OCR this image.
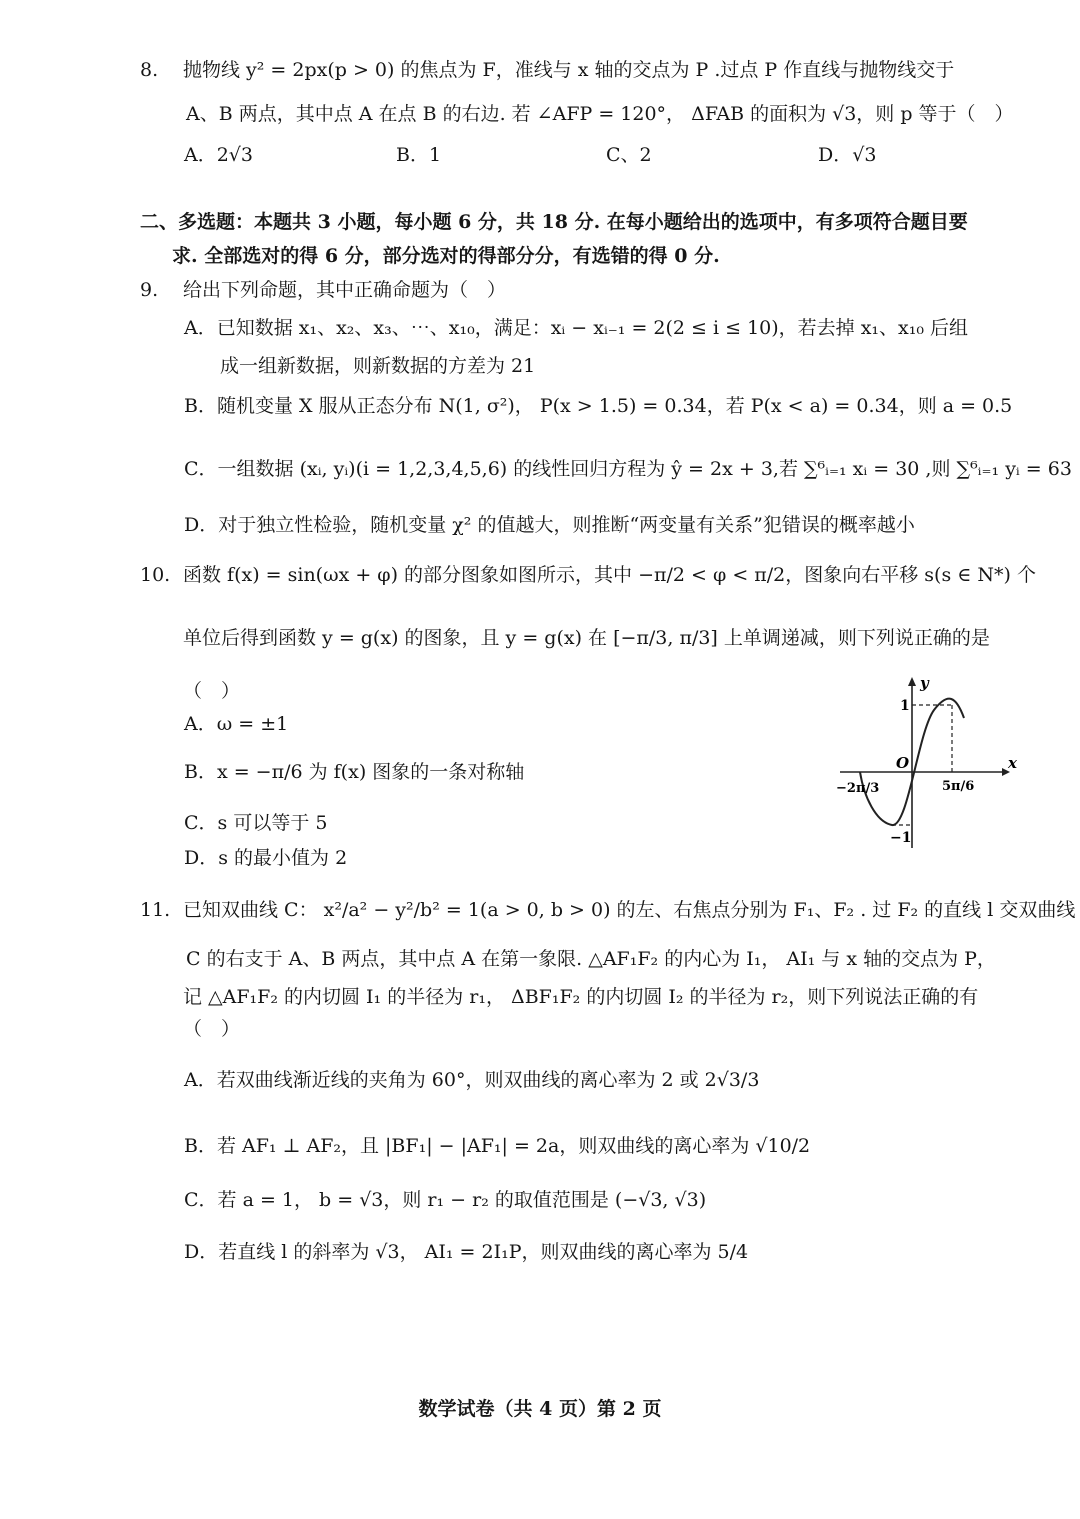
8. 抛物线 y² = 2px(p > 0) 的焦点为 F，准线与 x 轴的交点为 P .过点 P 作直线与抛物线交于
A、B 两点，其中点 A 在点 B 的右边. 若 ∠AFP = 120°， ΔFAB 的面积为 √3，则 p 等于（　）
A．2√3	B．1	C、2	D．√3
二、多选题：本题共 3 小题，每小题 6 分，共 18 分. 在每小题给出的选项中，有多项符合题目要
求. 全部选对的得 6 分，部分选对的得部分分，有选错的得 0 分.
9. 给出下列命题，其中正确命题为（　）
A．已知数据 x₁、x₂、x₃、⋯、x₁₀，满足：xᵢ − xᵢ₋₁ = 2(2 ≤ i ≤ 10)，若去掉 x₁、x₁₀ 后组
成一组新数据，则新数据的方差为 21
B．随机变量 X 服从正态分布 N(1, σ²)， P(x > 1.5) = 0.34，若 P(x < a) = 0.34，则 a = 0.5
C．一组数据 (xᵢ, yᵢ)(i = 1,2,3,4,5,6) 的线性回归方程为 ŷ = 2x + 3,若 ∑⁶ᵢ₌₁ xᵢ = 30 ,则 ∑⁶ᵢ₌₁ yᵢ = 63
D．对于独立性检验，随机变量 χ² 的值越大，则推断“两变量有关系”犯错误的概率越小
10. 函数 f(x) = sin(ωx + φ) 的部分图象如图所示，其中 −π/2 < φ < π/2，图象向右平移 s(s ∈ N*) 个
单位后得到函数 y = g(x) 的图象，且 y = g(x) 在 [−π/3, π/3] 上单调递减，则下列说正确的是
（　）
A．ω = ±1
B．x = −π/6 为 f(x) 图象的一条对称轴
C．s 可以等于 5
D．s 的最小值为 2
y
x
O
1
−1
−2π/3	5π/6
11. 已知双曲线 C： x²/a² − y²/b² = 1(a > 0, b > 0) 的左、右焦点分别为 F₁、F₂ . 过 F₂ 的直线 l 交双曲线
C 的右支于 A、B 两点，其中点 A 在第一象限. △AF₁F₂ 的内心为 I₁， AI₁ 与 x 轴的交点为 P，
记 △AF₁F₂ 的内切圆 I₁ 的半径为 r₁， ΔBF₁F₂ 的内切圆 I₂ 的半径为 r₂，则下列说法正确的有
（　）
A．若双曲线渐近线的夹角为 60°，则双曲线的离心率为 2 或 2√3/3
B．若 AF₁ ⊥ AF₂，且 |BF₁| − |AF₁| = 2a，则双曲线的离心率为 √10/2
C．若 a = 1， b = √3，则 r₁ − r₂ 的取值范围是 (−√3, √3)
D．若直线 l 的斜率为 √3， AI₁ = 2I₁P，则双曲线的离心率为 5/4
数学试卷（共 4 页）第 2 页
